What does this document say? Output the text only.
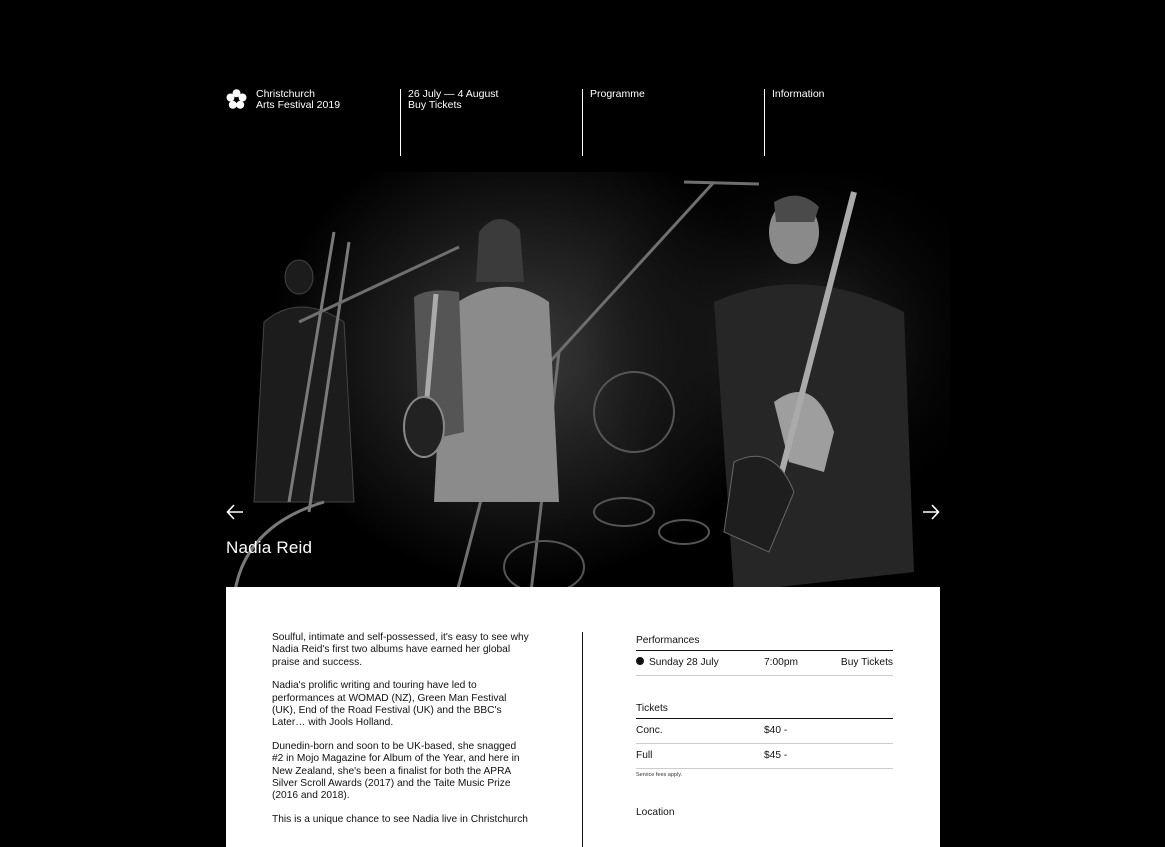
Christchurch
Arts Festival 2019
26 July — 4 August
Buy Tickets
Programme	Information
Nadia Reid

Soulful, intimate and self-possessed, it's easy to see why Nadia Reid's first two albums have earned her global praise and success.

Nadia's prolific writing and touring have led to performances at WOMAD (NZ), Green Man Festival (UK), End of the Road Festival (UK) and the BBC's Later… with Jools Holland.

Dunedin-born and soon to be UK-based, she snagged #2 in Mojo Magazine for Album of the Year, and here in New Zealand, she's been a finalist for both the APRA Silver Scroll Awards (2017) and the Taite Music Prize (2016 and 2018).

This is a unique chance to see Nadia live in Christchurch

Performances
Sunday 28 July	7:00pm	Buy Tickets
Tickets
Conc.	$40 -
Full	$45 -
Service fees apply.
Location
